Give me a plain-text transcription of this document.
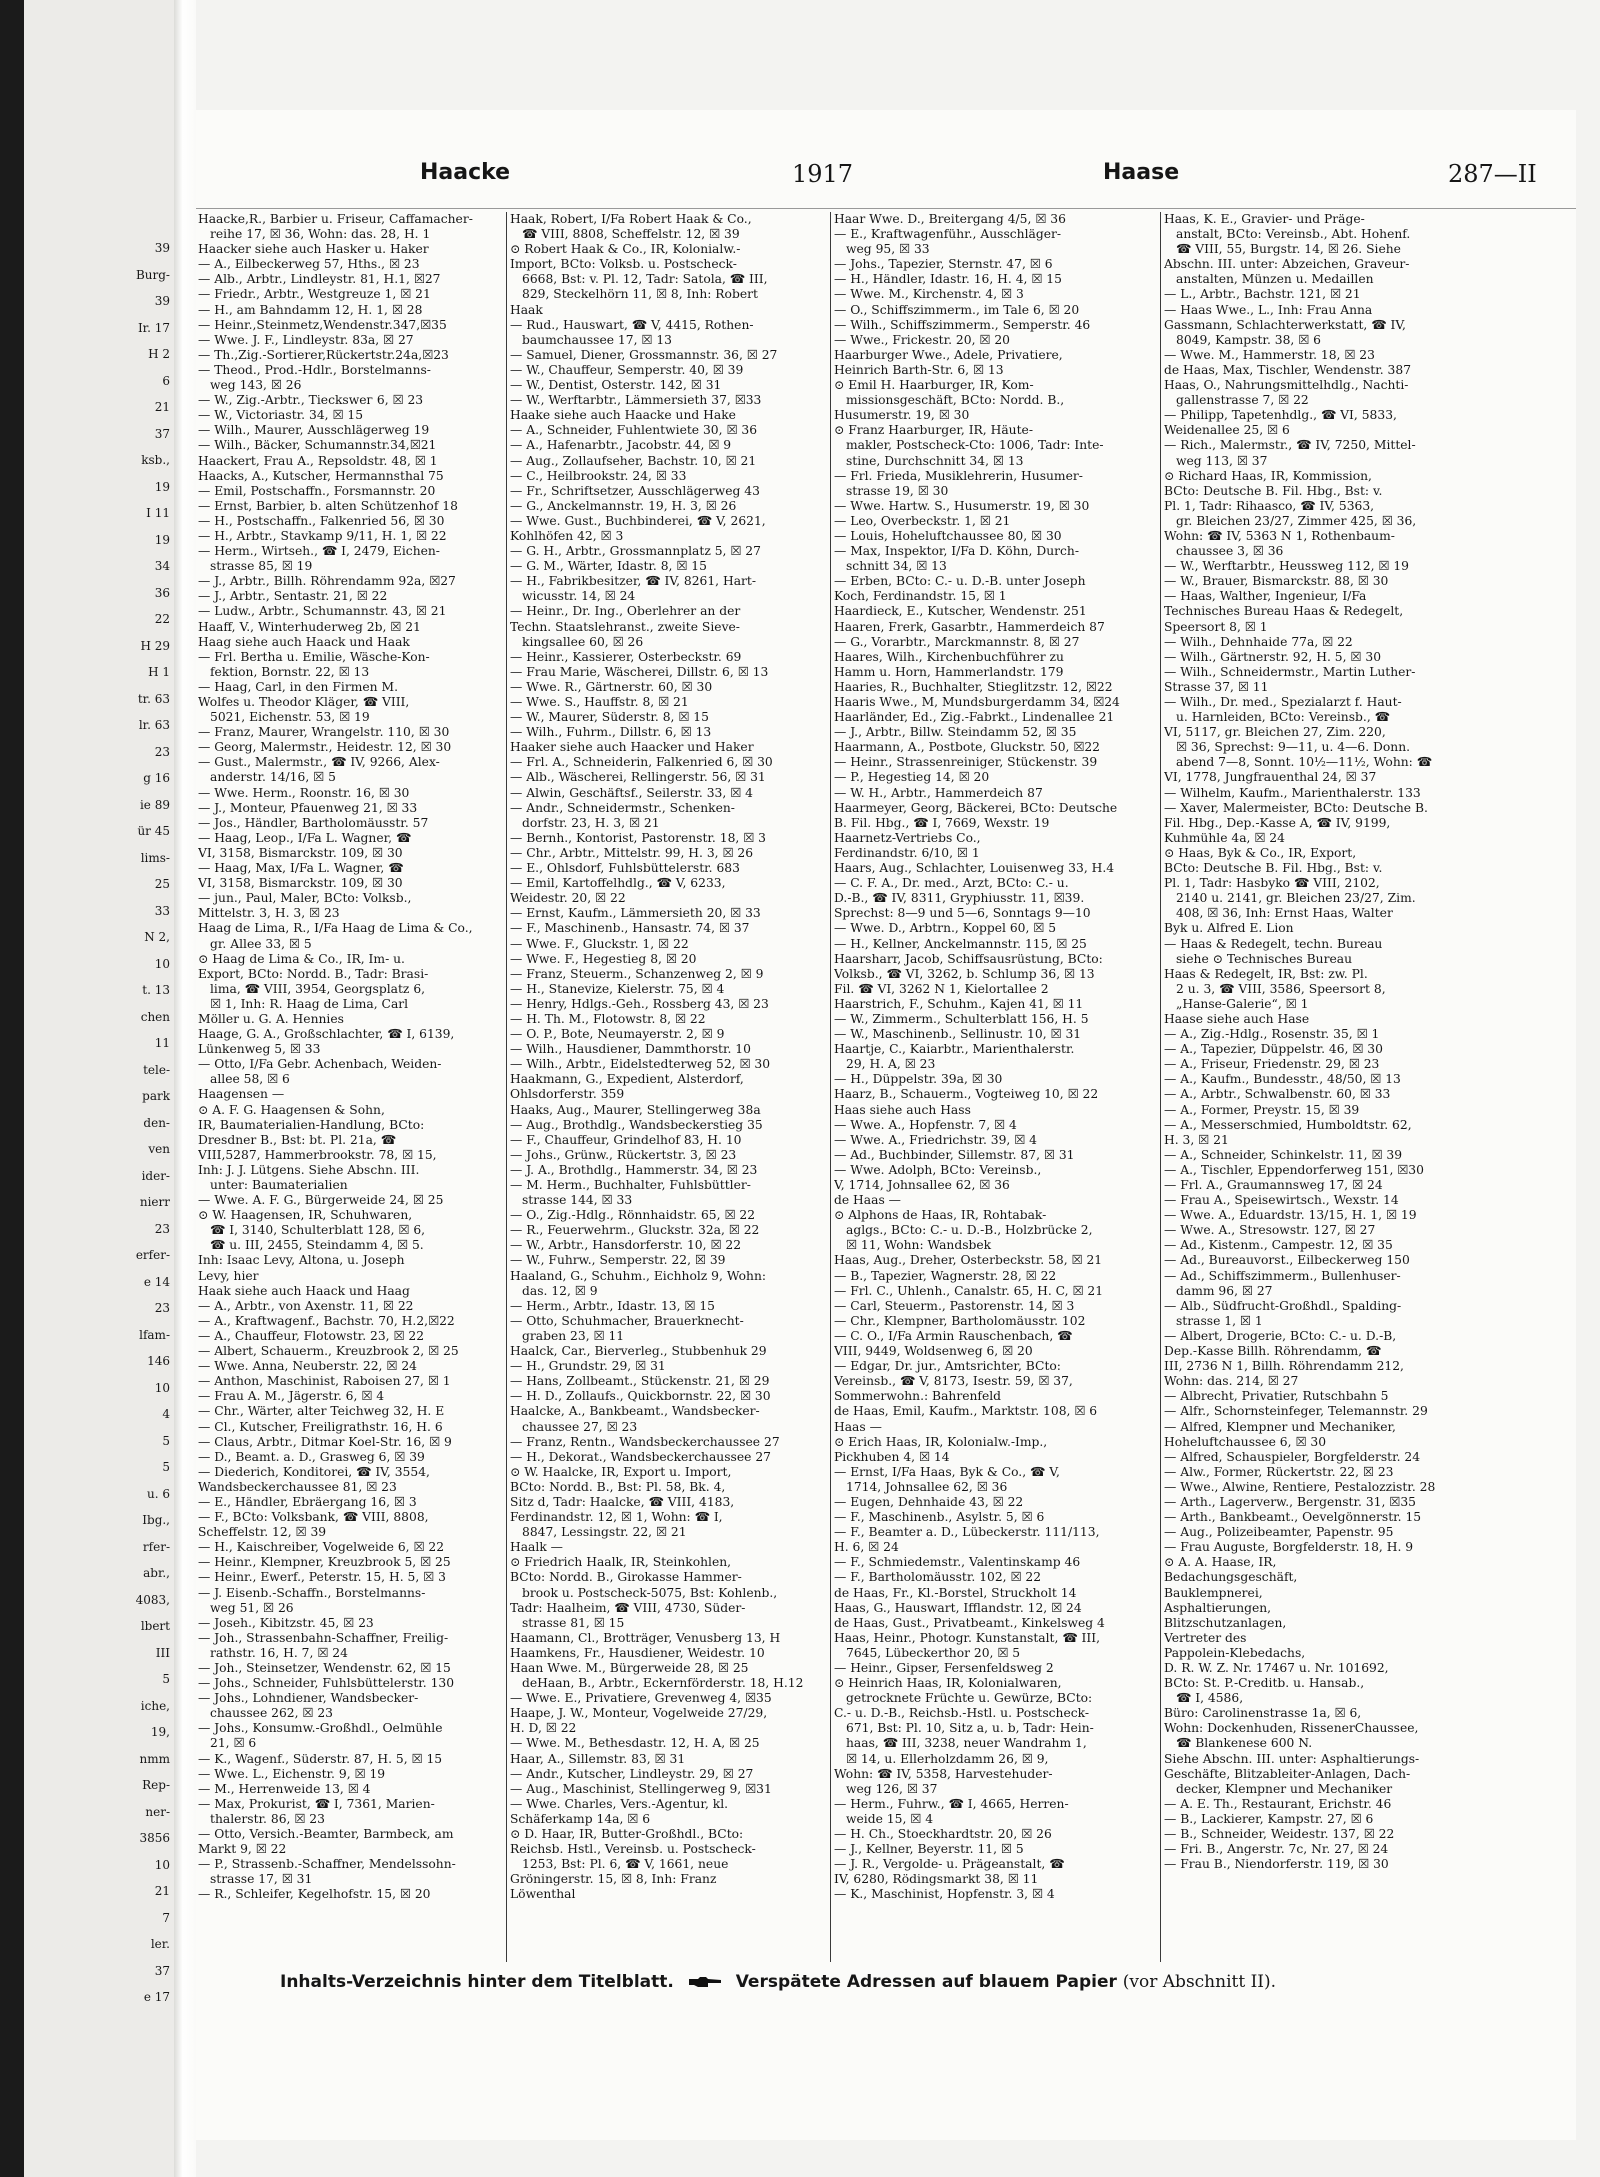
39
Burg-
39
Ir. 17
H 2
6
21
37
ksb.,
19
I 11
19
34
36
22
H 29
H 1
tr. 63
lr. 63
23
g 16
ie 89
ür 45
lims-
25
33
N 2,
10
t. 13
chen
11
tele-
park
den-
ven
ider-
nierr
23
erfer-
e 14
23
lfam-
146
10
4
5
5
u. 6
Ibg.,
rfer-
abr.,
4083,
lbert
III
5
iche,
19,
nmm
Rep-
ner-
3856
10
21
7
ler.
37
e 17
Haacke	1917	Haase	287—II

Haacke,R., Barbier u. Friseur, Caffamacher-

reihe 17, ☒ 36, Wohn: das. 28, H. 1

Haacker siehe auch Hasker u. Haker

— A., Eilbeckerweg 57, Hths., ☒ 23

— Alb., Arbtr., Lindleystr. 81, H.1, ☒27

— Friedr., Arbtr., Westgreuze 1, ☒ 21

— H., am Bahndamm 12, H. 1, ☒ 28

— Heinr.,Steinmetz,Wendenstr.347,☒35

— Wwe. J. F., Lindleystr. 83a, ☒ 27

— Th.,Zig.-Sortierer,Rückertstr.24a,☒23

— Theod., Prod.-Hdlr., Borstelmanns-

weg 143, ☒ 26

— W., Zig.-Arbtr., Tieckswег 6, ☒ 23

— W., Victoriastr. 34, ☒ 15

— Wilh., Maurer, Ausschlägerweg 19

— Wilh., Bäcker, Schumannstr.34,☒21

Haackert, Frau A., Repsoldstr. 48, ☒ 1

Haacks, A., Kutscher, Hermannsthal 75

— Emil, Postschaffn., Forsmannstr. 20

— Ernst, Barbier, b. alten Schützenhof 18

— H., Postschaffn., Falkenried 56, ☒ 30

— H., Arbtr., Stavkamp 9/11, H. 1, ☒ 22

— Herm., Wirtseh., ☎ I, 2479, Eichen-

strasse 85, ☒ 19

— J., Arbtr., Billh. Röhrendamm 92a, ☒27

— J., Arbtr., Sentastr. 21, ☒ 22

— Ludw., Arbtr., Schumannstr. 43, ☒ 21

Haaff, V., Winterhuderweg 2b, ☒ 21

Haag siehe auch Haack und Haak

— Frl. Bertha u. Emilie, Wäsche-Kon-

fektion, Bornstr. 22, ☒ 13

— Haag, Carl, in den Firmen M.

Wolfes u. Theodor Kläger, ☎ VIII,

5021, Eichenstr. 53, ☒ 19

— Franz, Maurer, Wrangelstr. 110, ☒ 30

— Georg, Malermstr., Heidestr. 12, ☒ 30

— Gust., Malermstr., ☎ IV, 9266, Alex-

anderstr. 14/16, ☒ 5

— Wwe. Herm., Roonstr. 16, ☒ 30

— J., Monteur, Pfauenweg 21, ☒ 33

— Jos., Händler, Bartholomäusstr. 57

— Haag, Leop., I/Fa L. Wagner, ☎

VI, 3158, Bismarckstr. 109, ☒ 30

— Haag, Max, I/Fa L. Wagner, ☎

VI, 3158, Bismarckstr. 109, ☒ 30

— jun., Paul, Maler, BCto: Volksb.,

Mittelstr. 3, H. 3, ☒ 23

Haag de Lima, R., I/Fa Haag de Lima & Co.,

gr. Allee 33, ☒ 5

⊙ Haag de Lima & Co., IR, Im- u.

Export, BCto: Nordd. B., Tadr: Brasi-

lima, ☎ VIII, 3954, Georgsplatz 6,

☒ 1, Inh: R. Haag de Lima, Carl

Möller u. G. A. Hennies

Haage, G. A., Großschlachter, ☎ I, 6139,

Lünkenweg 5, ☒ 33

— Otto, I/Fa Gebr. Achenbach, Weiden-

allee 58, ☒ 6

Haagensen —

⊙ A. F. G. Haagensen & Sohn,

IR, Baumaterialien-Handlung, BCto:

Dresdner B., Bst: bt. Pl. 21a, ☎

VIII,5287, Hammerbrookstr. 78, ☒ 15,

Inh: J. J. Lütgens. Siehe Abschn. III.

unter: Baumaterialien

— Wwe. A. F. G., Bürgerweide 24, ☒ 25

⊙ W. Haagensen, IR, Schuhwaren,

☎ I, 3140, Schulterblatt 128, ☒ 6,

☎ u. III, 2455, Steindamm 4, ☒ 5.

Inh: Isaac Levy, Altona, u. Joseph

Levy, hier

Haak siehe auch Haack und Haag

— A., Arbtr., von Axenstr. 11, ☒ 22

— A., Kraftwagenf., Bachstr. 70, H.2,☒22

— A., Chauffeur, Flotowstr. 23, ☒ 22

— Albert, Schauerm., Kreuzbrook 2, ☒ 25

— Wwe. Anna, Neuberstr. 22, ☒ 24

— Anthon, Maschinist, Raboisen 27, ☒ 1

— Frau A. M., Jägerstr. 6, ☒ 4

— Chr., Wärter, alter Teichweg 32, H. E

— Cl., Kutscher, Freiligrathstr. 16, H. 6

— Claus, Arbtr., Ditmar Koel-Str. 16, ☒ 9

— D., Beamt. a. D., Grasweg 6, ☒ 39

— Diederich, Konditorei, ☎ IV, 3554,

Wandsbeckerchaussee 81, ☒ 23

— E., Händler, Ebräergang 16, ☒ 3

— F., BCto: Volksbank, ☎ VIII, 8808,

Scheffelstr. 12, ☒ 39

— H., Kaischreiber, Vogelweide 6, ☒ 22

— Heinr., Klempner, Kreuzbrook 5, ☒ 25

— Heinr., Ewerf., Peterstr. 15, H. 5, ☒ 3

— J. Eisenb.-Schaffn., Borstelmanns-

weg 51, ☒ 26

— Joseh., Kibitzstr. 45, ☒ 23

— Joh., Strassenbahn-Schaffner, Freilig-

rathstr. 16, H. 7, ☒ 24

— Joh., Steinsetzer, Wendenstr. 62, ☒ 15

— Johs., Schneider, Fuhlsbüttelerstr. 130

— Johs., Lohndiener, Wandsbecker-

chaussee 262, ☒ 23

— Johs., Konsumw.-Großhdl., Oelmühle

21, ☒ 6

— K., Wagenf., Süderstr. 87, H. 5, ☒ 15

— Wwe. L., Eichenstr. 9, ☒ 19

— M., Herrenweide 13, ☒ 4

— Max, Prokurist, ☎ I, 7361, Marien-

thalerstr. 86, ☒ 23

— Otto, Versich.-Beamter, Barmbeck, am

Markt 9, ☒ 22

— P., Strassenb.-Schaffner, Mendelssohn-

strasse 17, ☒ 31

— R., Schleifer, Kegelhofstr. 15, ☒ 20

Haak, Robert, I/Fa Robert Haak & Co.,

☎ VIII, 8808, Scheffelstr. 12, ☒ 39

⊙ Robert Haak & Co., IR, Kolonialw.-

Import, BCto: Volksb. u. Postscheck-

6668, Bst: v. Pl. 12, Tadr: Satola, ☎ III,

829, Steckelhörn 11, ☒ 8, Inh: Robert

Haak

— Rud., Hauswart, ☎ V, 4415, Rothen-

baumchaussee 17, ☒ 13

— Samuel, Diener, Grossmannstr. 36, ☒ 27

— W., Chauffeur, Semperstr. 40, ☒ 39

— W., Dentist, Osterstr. 142, ☒ 31

— W., Werftarbtr., Lämmersieth 37, ☒33

Haake siehe auch Haacke und Hake

— A., Schneider, Fuhlentwiete 30, ☒ 36

— A., Hafenarbtr., Jacobstr. 44, ☒ 9

— Aug., Zollaufseher, Bachstr. 10, ☒ 21

— C., Heilbrookstr. 24, ☒ 33

— Fr., Schriftsetzer, Ausschlägerweg 43

— G., Anckelmannstr. 19, H. 3, ☒ 26

— Wwe. Gust., Buchbinderei, ☎ V, 2621,

Kohlhöfen 42, ☒ 3

— G. H., Arbtr., Grossmannplatz 5, ☒ 27

— G. M., Wärter, Idastr. 8, ☒ 15

— H., Fabrikbesitzer, ☎ IV, 8261, Hart-

wicusstr. 14, ☒ 24

— Heinr., Dr. Ing., Oberlehrer an der

Techn. Staatslehranst., zweite Sieve-

kingsallee 60, ☒ 26

— Heinr., Kassierer, Osterbeckstr. 69

— Frau Marie, Wäscherei, Dillstr. 6, ☒ 13

— Wwe. R., Gärtnerstr. 60, ☒ 30

— Wwe. S., Hauffstr. 8, ☒ 21

— W., Maurer, Süderstr. 8, ☒ 15

— Wilh., Fuhrm., Dillstr. 6, ☒ 13

Haaker siehe auch Haacker und Haker

— Frl. A., Schneiderin, Falkenried 6, ☒ 30

— Alb., Wäscherei, Rellingerstr. 56, ☒ 31

— Alwin, Geschäftsf., Seilerstr. 33, ☒ 4

— Andr., Schneidermstr., Schenken-

dorfstr. 23, H. 3, ☒ 21

— Bernh., Kontorist, Pastorenstr. 18, ☒ 3

— Chr., Arbtr., Mittelstr. 99, H. 3, ☒ 26

— E., Ohlsdorf, Fuhlsbüttelerstr. 683

— Emil, Kartoffelhdlg., ☎ V, 6233,

Weidestr. 20, ☒ 22

— Ernst, Kaufm., Lämmersieth 20, ☒ 33

— F., Maschinenb., Hansastr. 74, ☒ 37

— Wwe. F., Gluckstr. 1, ☒ 22

— Wwe. F., Hegestieg 8, ☒ 20

— Franz, Steuerm., Schanzenweg 2, ☒ 9

— H., Stanevize, Kielerstr. 75, ☒ 4

— Henry, Hdlgs.-Geh., Rossberg 43, ☒ 23

— H. Th. M., Flotowstr. 8, ☒ 22

— O. P., Bote, Neumayerstr. 2, ☒ 9

— Wilh., Hausdiener, Dammthorstr. 10

— Wilh., Arbtr., Eidelstedterweg 52, ☒ 30

Haakmann, G., Expedient, Alsterdorf,

Ohlsdorferstr. 359

Haaks, Aug., Maurer, Stellingerweg 38a

— Aug., Brothdlg., Wandsbeckerstieg 35

— F., Chauffeur, Grindelhof 83, H. 10

— Johs., Grünw., Rückertstr. 3, ☒ 23

— J. A., Brothdlg., Hammerstr. 34, ☒ 23

— M. Herm., Buchhalter, Fuhlsbüttler-

strasse 144, ☒ 33

— O., Zig.-Hdlg., Rönnhaidstr. 65, ☒ 22

— R., Feuerwehrm., Gluckstr. 32a, ☒ 22

— W., Arbtr., Hansdorferstr. 10, ☒ 22

— W., Fuhrw., Semperstr. 22, ☒ 39

Haaland, G., Schuhm., Eichholz 9, Wohn:

das. 12, ☒ 9

— Herm., Arbtr., Idastr. 13, ☒ 15

— Otto, Schuhmacher, Brauerknecht-

graben 23, ☒ 11

Haalck, Car., Bierverleg., Stubbenhuk 29

— H., Grundstr. 29, ☒ 31

— Hans, Zollbeamt., Stückenstr. 21, ☒ 29

— H. D., Zollaufs., Quickbornstr. 22, ☒ 30

Haalcke, A., Bankbeamt., Wandsbecker-

chaussee 27, ☒ 23

— Franz, Rentn., Wandsbeckerchaussee 27

— H., Dekorat., Wandsbeckerchaussee 27

⊙ W. Haalcke, IR, Export u. Import,

BCto: Nordd. B., Bst: Pl. 58, Bk. 4,

Sitz d, Tadr: Haalcke, ☎ VIII, 4183,

Ferdinandstr. 12, ☒ 1, Wohn: ☎ I,

8847, Lessingstr. 22, ☒ 21

Haalk —

⊙ Friedrich Haalk, IR, Steinkohlen,

BCto: Nordd. B., Girokasse Hammer-

brook u. Postscheck-5075, Bst: Kohlenb.,

Tadr: Haalheim, ☎ VIII, 4730, Süder-

strasse 81, ☒ 15

Haamann, Cl., Brotträger, Venusberg 13, H

Haamkens, Fr., Hausdiener, Weidestr. 10

Haan Wwe. M., Bürgerweide 28, ☒ 25

deHaan, B., Arbtr., Eckernförderstr. 18, H.12

— Wwe. E., Privatiere, Grevenweg 4, ☒35

Haape, J. W., Monteur, Vogelweide 27/29,

H. D, ☒ 22

— Wwe. M., Bethesdastr. 12, H. A, ☒ 25

Haar, A., Sillemstr. 83, ☒ 31

— Andr., Kutscher, Lindleystr. 29, ☒ 27

— Aug., Maschinist, Stellingerweg 9, ☒31

— Wwe. Charles, Vers.-Agentur, kl.

Schäferkamp 14a, ☒ 6

⊙ D. Haar, IR, Butter-Großhdl., BCto:

Reichsb. Hstl., Vereinsb. u. Postscheck-

1253, Bst: Pl. 6, ☎ V, 1661, neue

Gröningerstr. 15, ☒ 8, Inh: Franz

Löwenthal

Haar Wwe. D., Breitergang 4/5, ☒ 36

— E., Kraftwagenführ., Ausschläger-

weg 95, ☒ 33

— Johs., Tapezier, Sternstr. 47, ☒ 6

— H., Händler, Idastr. 16, H. 4, ☒ 15

— Wwe. M., Kirchenstr. 4, ☒ 3

— O., Schiffszimmerm., im Tale 6, ☒ 20

— Wilh., Schiffszimmerm., Semperstr. 46

— Wwe., Frickestr. 20, ☒ 20

Haarburger Wwe., Adele, Privatiere,

Heinrich Barth-Str. 6, ☒ 13

⊙ Emil H. Haarburger, IR, Kom-

missionsgeschäft, BCto: Nordd. B.,

Husumerstr. 19, ☒ 30

⊙ Franz Haarburger, IR, Häute-

makler, Postscheck-Cto: 1006, Tadr: Inte-

stine, Durchschnitt 34, ☒ 13

— Frl. Frieda, Musiklehrerin, Husumer-

strasse 19, ☒ 30

— Wwe. Hartw. S., Husumerstr. 19, ☒ 30

— Leo, Overbeckstr. 1, ☒ 21

— Louis, Hoheluftchaussee 80, ☒ 30

— Max, Inspektor, I/Fa D. Köhn, Durch-

schnitt 34, ☒ 13

— Erben, BCto: C.- u. D.-B. unter Joseph

Koch, Ferdinandstr. 15, ☒ 1

Haardieck, E., Kutscher, Wendenstr. 251

Haaren, Frerk, Gasarbtr., Hammerdeich 87

— G., Vorarbtr., Marckmannstr. 8, ☒ 27

Haares, Wilh., Kirchenbuchführer zu

Hamm u. Horn, Hammerlandstr. 179

Haaries, R., Buchhalter, Stieglitzstr. 12, ☒22

Haaris Wwe., M, Mundsburgerdamm 34, ☒24

Haarländer, Ed., Zig.-Fabrkt., Lindenallee 21

— J., Arbtr., Billw. Steindamm 52, ☒ 35

Haarmann, A., Postbote, Gluckstr. 50, ☒22

— Heinr., Strassenreiniger, Stückenstr. 39

— P., Hegestieg 14, ☒ 20

— W. H., Arbtr., Hammerdeich 87

Haarmeyer, Georg, Bäckerei, BCto: Deutsche

B. Fil. Hbg., ☎ I, 7669, Wexstr. 19

Haarnetz-Vertriebs Co.,

Ferdinandstr. 6/10, ☒ 1

Haars, Aug., Schlachter, Louisenweg 33, H.4

— C. F. A., Dr. med., Arzt, BCto: C.- u.

D.-B., ☎ IV, 8311, Gryphiusstr. 11, ☒39.

Sprechst: 8—9 und 5—6, Sonntags 9—10

— Wwe. D., Arbtrn., Koppel 60, ☒ 5

— H., Kellner, Anckelmannstr. 115, ☒ 25

Haarsharr, Jacob, Schiffsausrüstung, BCto:

Volksb., ☎ VI, 3262, b. Schlump 36, ☒ 13

Fil. ☎ VI, 3262 N 1, Kielortallee 2

Haarstrich, F., Schuhm., Kajen 41, ☒ 11

— W., Zimmerm., Schulterblatt 156, H. 5

— W., Maschinenb., Sellinustr. 10, ☒ 31

Haartje, C., Kaiarbtr., Marienthalerstr.

29, H. A, ☒ 23

— H., Düppelstr. 39a, ☒ 30

Haarz, B., Schauerm., Vogteiweg 10, ☒ 22

Haas siehe auch Hass

— Wwe. A., Hopfenstr. 7, ☒ 4

— Wwe. A., Friedrichstr. 39, ☒ 4

— Ad., Buchbinder, Sillemstr. 87, ☒ 31

— Wwe. Adolph, BCto: Vereinsb.,

V, 1714, Johnsallee 62, ☒ 36

de Haas —

⊙ Alphons de Haas, IR, Rohtabak-

aglgs., BCto: C.- u. D.-B., Holzbrücke 2,

☒ 11, Wohn: Wandsbek

Haas, Aug., Dreher, Osterbeckstr. 58, ☒ 21

— B., Tapezier, Wagnerstr. 28, ☒ 22

— Frl. C., Uhlenh., Canalstr. 65, H. C, ☒ 21

— Carl, Steuerm., Pastorenstr. 14, ☒ 3

— Chr., Klempner, Bartholomäusstr. 102

— C. O., I/Fa Armin Rauschenbach, ☎

VIII, 9449, Woldsenweg 6, ☒ 20

— Edgar, Dr. jur., Amtsrichter, BCto:

Vereinsb., ☎ V, 8173, Isestr. 59, ☒ 37,

Sommerwohn.: Bahrenfeld

de Haas, Emil, Kaufm., Marktstr. 108, ☒ 6

Haas —

⊙ Erich Haas, IR, Kolonialw.-Imp.,

Pickhuben 4, ☒ 14

— Ernst, I/Fa Haas, Byk & Co., ☎ V,

1714, Johnsallee 62, ☒ 36

— Eugen, Dehnhaide 43, ☒ 22

— F., Maschinenb., Asylstr. 5, ☒ 6

— F., Beamter a. D., Lübeckerstr. 111/113,

H. 6, ☒ 24

— F., Schmiedemstr., Valentinskamp 46

— F., Bartholomäusstr. 102, ☒ 22

de Haas, Fr., Kl.-Borstel, Struckholt 14

Haas, G., Hauswart, Ifflandstr. 12, ☒ 24

de Haas, Gust., Privatbeamt., Kinkelsweg 4

Haas, Heinr., Photogr. Kunstanstalt, ☎ III,

7645, Lübeckerthor 20, ☒ 5

— Heinr., Gipser, Fersenfeldsweg 2

⊙ Heinrich Haas, IR, Kolonialwaren,

getrocknete Früchte u. Gewürze, BCto:

C.- u. D.-B., Reichsb.-Hstl. u. Postscheck-

671, Bst: Pl. 10, Sitz a, u. b, Tadr: Hein-

haas, ☎ III, 3238, neuer Wandrahm 1,

☒ 14, u. Ellerholzdamm 26, ☒ 9,

Wohn: ☎ IV, 5358, Harvestehuder-

weg 126, ☒ 37

— Herm., Fuhrw., ☎ I, 4665, Herren-

weide 15, ☒ 4

— H. Ch., Stoeckhardtstr. 20, ☒ 26

— J., Kellner, Beyerstr. 11, ☒ 5

— J. R., Vergolde- u. Prägeanstalt, ☎

IV, 6280, Rödingsmarkt 38, ☒ 11

— K., Maschinist, Hopfenstr. 3, ☒ 4

Haas, K. E., Gravier- und Präge-

anstalt, BCto: Vereinsb., Abt. Hohenf.

☎ VIII, 55, Burgstr. 14, ☒ 26. Siehe

Abschn. III. unter: Abzeichen, Graveur-

anstalten, Münzen u. Medaillen

— L., Arbtr., Bachstr. 121, ☒ 21

— Haas Wwe., L., Inh: Frau Anna

Gassmann, Schlachterwerkstatt, ☎ IV,

8049, Kampstr. 38, ☒ 6

— Wwe. M., Hammerstr. 18, ☒ 23

de Haas, Max, Tischler, Wendenstr. 387

Haas, O., Nahrungsmittelhdlg., Nachti-

gallenstrasse 7, ☒ 22

— Philipp, Tapetenhdlg., ☎ VI, 5833,

Weidenallee 25, ☒ 6

— Rich., Malermstr., ☎ IV, 7250, Mittel-

weg 113, ☒ 37

⊙ Richard Haas, IR, Kommission,

BCto: Deutsche B. Fil. Hbg., Bst: v.

Pl. 1, Tadr: Rihaasco, ☎ IV, 5363,

gr. Bleichen 23/27, Zimmer 425, ☒ 36,

Wohn: ☎ IV, 5363 N 1, Rothenbaum-

chaussee 3, ☒ 36

— W., Werftarbtr., Heussweg 112, ☒ 19

— W., Brauer, Bismarckstr. 88, ☒ 30

— Haas, Walther, Ingenieur, I/Fa

Technisches Bureau Haas & Redegelt,

Speersort 8, ☒ 1

— Wilh., Dehnhaide 77a, ☒ 22

— Wilh., Gärtnerstr. 92, H. 5, ☒ 30

— Wilh., Schneidermstr., Martin Luther-

Strasse 37, ☒ 11

— Wilh., Dr. med., Spezialarzt f. Haut-

u. Harnleiden, BCto: Vereinsb., ☎

VI, 5117, gr. Bleichen 27, Zim. 220,

☒ 36, Sprechst: 9—11, u. 4—6. Donn.

abend 7—8, Sonnt. 10½—11½, Wohn: ☎

VI, 1778, Jungfrauenthal 24, ☒ 37

— Wilhelm, Kaufm., Marienthalerstr. 133

— Xaver, Malermeister, BCto: Deutsche B.

Fil. Hbg., Dep.-Kasse A, ☎ IV, 9199,

Kuhmühle 4a, ☒ 24

⊙ Haas, Byk & Co., IR, Export,

BCto: Deutsche B. Fil. Hbg., Bst: v.

Pl. 1, Tadr: Hasbyko ☎ VIII, 2102,

2140 u. 2141, gr. Bleichen 23/27, Zim.

408, ☒ 36, Inh: Ernst Haas, Walter

Byk u. Alfred E. Lion

— Haas & Redegelt, techn. Bureau

siehe ⊙ Technisches Bureau

Haas & Redegelt, IR, Bst: zw. Pl.

2 u. 3, ☎ VIII, 3586, Speersort 8,

„Hanse-Galerie“, ☒ 1

Haase siehe auch Hase

— A., Zig.-Hdlg., Rosenstr. 35, ☒ 1

— A., Tapezier, Düppelstr. 46, ☒ 30

— A., Friseur, Friedenstr. 29, ☒ 23

— A., Kaufm., Bundesstr., 48/50, ☒ 13

— A., Arbtr., Schwalbenstr. 60, ☒ 33

— A., Former, Preystr. 15, ☒ 39

— A., Messerschmied, Humboldtstr. 62,

H. 3, ☒ 21

— A., Schneider, Schinkelstr. 11, ☒ 39

— A., Tischler, Eppendorferweg 151, ☒30

— Frl. A., Graumannsweg 17, ☒ 24

— Frau A., Speisewirtsch., Wexstr. 14

— Wwe. A., Eduardstr. 13/15, H. 1, ☒ 19

— Wwe. A., Stresowstr. 127, ☒ 27

— Ad., Kistenm., Campestr. 12, ☒ 35

— Ad., Bureauvorst., Eilbeckerweg 150

— Ad., Schiffszimmerm., Bullenhuser-

damm 96, ☒ 27

— Alb., Südfrucht-Großhdl., Spalding-

strasse 1, ☒ 1

— Albert, Drogerie, BCto: C.- u. D.-B,

Dep.-Kasse Billh. Röhrendamm, ☎

III, 2736 N 1, Billh. Röhrendamm 212,

Wohn: das. 214, ☒ 27

— Albrecht, Privatier, Rutschbahn 5

— Alfr., Schornsteinfeger, Telemannstr. 29

— Alfred, Klempner und Mechaniker,

Hoheluftchaussee 6, ☒ 30

— Alfred, Schauspieler, Borgfelderstr. 24

— Alw., Former, Rückertstr. 22, ☒ 23

— Wwe., Alwine, Rentiere, Pestalozzistr. 28

— Arth., Lagerverw., Bergenstr. 31, ☒35

— Arth., Bankbeamt., Oevelgönnerstr. 15

— Aug., Polizeibeamter, Papenstr. 95

— Frau Auguste, Borgfelderstr. 18, H. 9

⊙ A. A. Haase, IR,

Bedachungsgeschäft,

Bauklempnerei,

Asphaltierungen,

Blitzschutzanlagen,

Vertreter des

Pappolein-Klebedachs,

D. R. W. Z. Nr. 17467 u. Nr. 101692,

BCto: St. P.-Creditb. u. Hansab.,

☎ I, 4586,

Büro: Carolinenstrasse 1a, ☒ 6,

Wohn: Dockenhuden, RissenerChaussee,

☎ Blankenese 600 N.

Siehe Abschn. III. unter: Asphaltierungs-

Geschäfte, Blitzableiter-Anlagen, Dach-

decker, Klempner und Mechaniker

— A. E. Th., Restaurant, Erichstr. 46

— B., Lackierer, Kampstr. 27, ☒ 6

— B., Schneider, Weidestr. 137, ☒ 22

— Fri. B., Angerstr. 7c, Nr. 27, ☒ 24

— Frau B., Niendorferstr. 119, ☒ 30

Inhalts-Verzeichnis hinter dem Titelblatt.	Verspätete Adressen auf blauem Papier (vor Abschnitt II).
